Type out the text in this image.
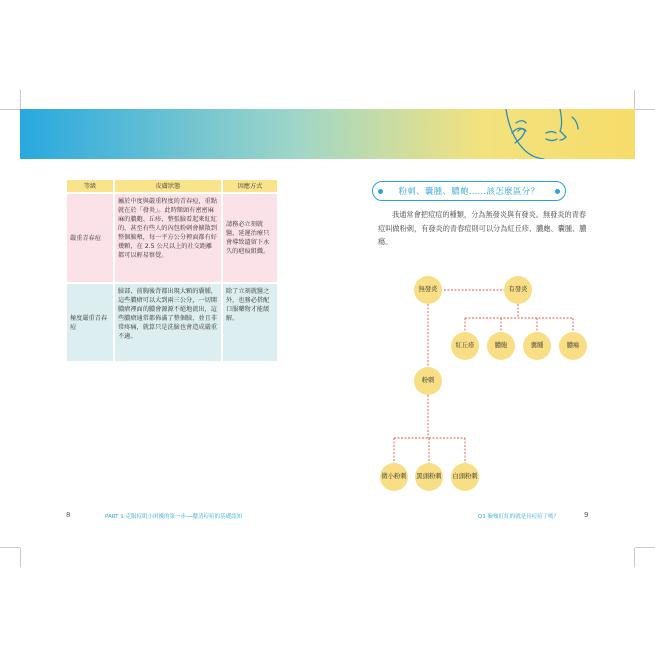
等級	皮膚狀態	因應方式
嚴重青春痘	屬於中度與嚴重程度的青春痘，重點就在於「發炎」。此時額頭有密密麻麻的膿皰、丘疹，整張臉看起來紅紅的，甚至有些人的內包粉刺會擴散到整個臉頰，每一平方公分裡面都有好幾顆，在 2.5 公尺以上的社交距離都可以輕易察覺。	請務必立刻就醫，延遲治療只會導致遺留下永久的疤痕組織。
極度嚴重青春痘	臉部、前胸後背都出現大顆的囊腫，這些膿瘡可以大到兩三公分，一切開膿瘡裡面的膿會源源不絕地流出，這些膿瘡通常都佈滿了整個臉，並且非常疼痛，就算只是洗臉也會造成嚴重不適。	除了立刻就醫之外，也務必搭配口服藥物才能緩解。
粉刺、囊腫、膿皰……該怎麼區分？
我通常會把痘痘的種類，分為無發炎與有發炎。無發炎的青春痘叫做粉刺，有發炎的青春痘則可以分為紅丘疹、膿皰、囊腫、膿瘍。
無發炎	有發炎
紅丘疹	膿皰	囊腫	膿瘍
粉刺
微小粉刺 黑頭粉刺 白頭粉刺
8	PART 1 克服痘肌小困擾的第一步──釐清痘痘的基礎認知	Q1 臉頰紅紅的就是長痘痘了嗎？	9
